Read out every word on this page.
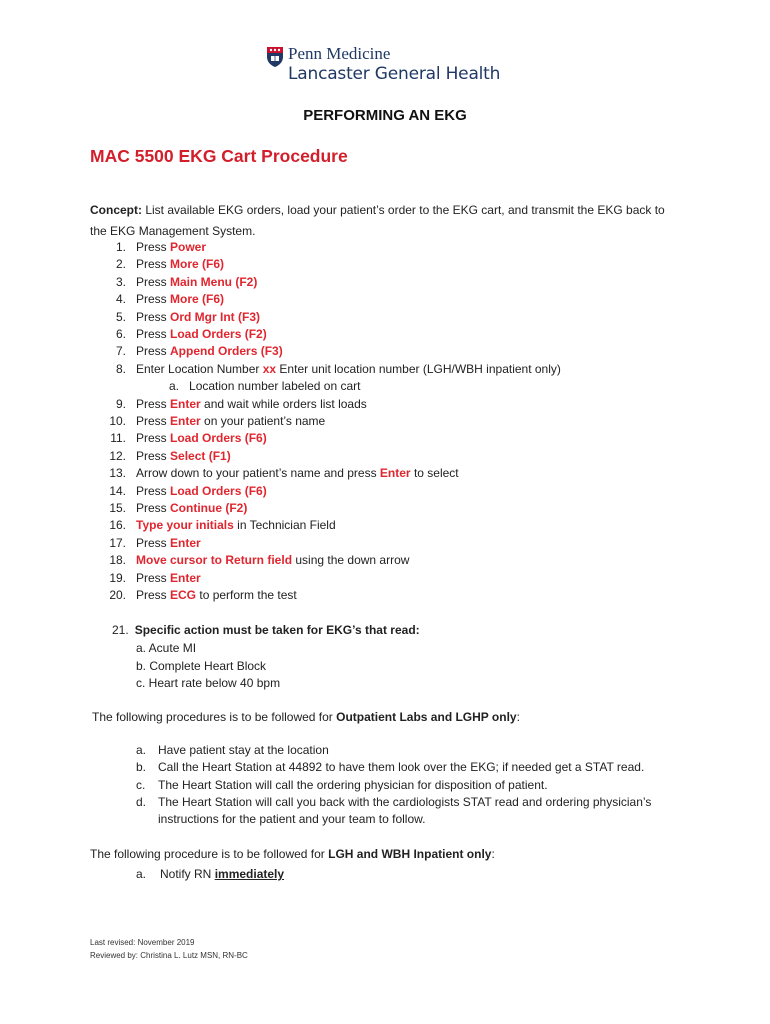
Penn Medicine
Lancaster General Health
PERFORMING AN EKG
MAC 5500 EKG Cart Procedure
Concept: List available EKG orders, load your patient’s order to the EKG cart, and transmit the EKG back to the EKG Management System.
1. Press Power
2. Press More (F6)
3. Press Main Menu (F2)
4. Press More (F6)
5. Press Ord Mgr Int (F3)
6. Press Load Orders (F2)
7. Press Append Orders (F3)
8. Enter Location Number xx Enter unit location number (LGH/WBH inpatient only)
a. Location number labeled on cart
9. Press Enter and wait while orders list loads
10. Press Enter on your patient’s name
11. Press Load Orders (F6)
12. Press Select (F1)
13. Arrow down to your patient’s name and press Enter to select
14. Press Load Orders (F6)
15. Press Continue (F2)
16. Type your initials in Technician Field
17. Press Enter
18. Move cursor to Return field using the down arrow
19. Press Enter
20. Press ECG to perform the test
21. Specific action must be taken for EKG’s that read:
a. Acute MI
b. Complete Heart Block
c. Heart rate below 40 bpm
The following procedures is to be followed for Outpatient Labs and LGHP only:
a. Have patient stay at the location
b. Call the Heart Station at 44892 to have them look over the EKG; if needed get a STAT read.
c. The Heart Station will call the ordering physician for disposition of patient.
d. The Heart Station will call you back with the cardiologists STAT read and ordering physician’s
instructions for the patient and your team to follow.
The following procedure is to be followed for LGH and WBH Inpatient only:
a. Notify RN immediately
Last revised: November 2019
Reviewed by: Christina L. Lutz MSN, RN-BC
